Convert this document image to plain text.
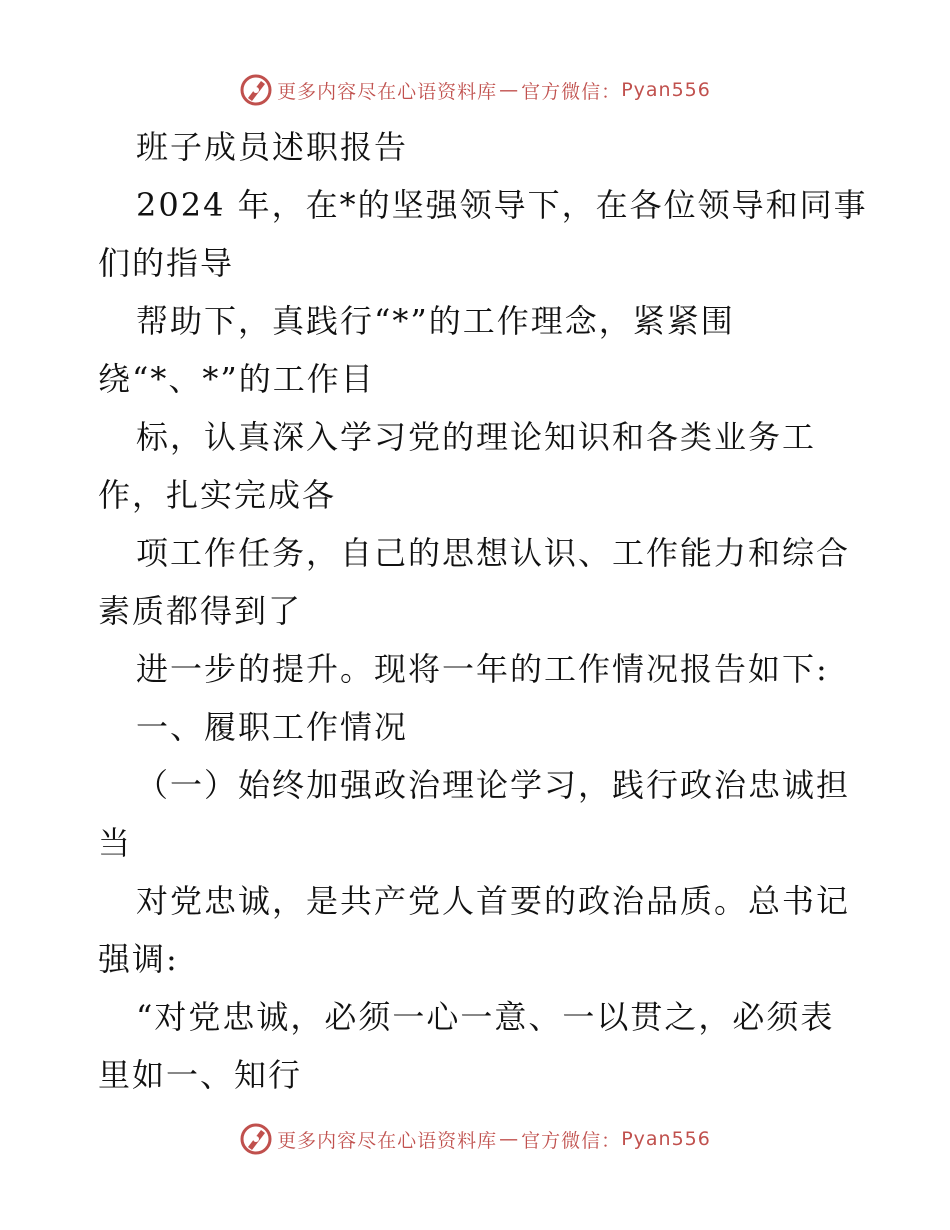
更多内容尽在心语资料库 — 官方微信： Pyan556
班子成员述职报告
2024 年，在*的坚强领导下，在各位领导和同事
们的指导
帮助下，真践行“*”的工作理念，紧紧围
绕“*、*”的工作目
标，认真深入学习党的理论知识和各类业务工
作，扎实完成各
项工作任务，自己的思想认识、工作能力和综合
素质都得到了
进一步的提升。现将一年的工作情况报告如下:
一、履职工作情况
（一）始终加强政治理论学习，践行政治忠诚担
当
对党忠诚，是共产党人首要的政治品质。总书记
强调:
“对党忠诚，必须一心一意、一以贯之，必须表
里如一、知行
更多内容尽在心语资料库 — 官方微信： Pyan556
